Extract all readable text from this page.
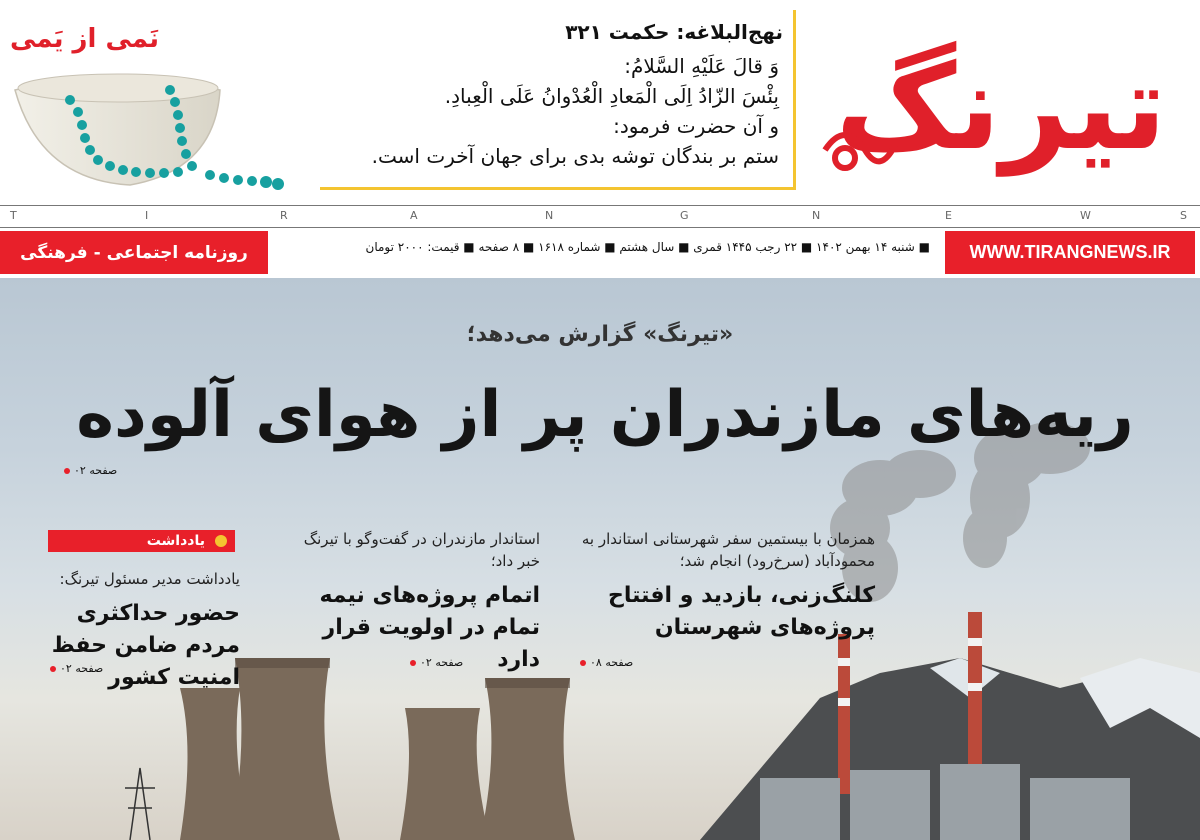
تیرنگ
نهج‌البلاغه: حکمت ۳۲۱
وَ قالَ عَلَیْهِ السَّلامُ:
بِئْسَ الزّادُ اِلَی الْمَعادِ الْعُدْوانُ عَلَی الْعِبادِ.
و آن حضرت فرمود:
ستم بر بندگان توشه بدی برای جهان آخرت است.
نَمی از یَمی
T	I	R	A	N	G	N	E	W	S
WWW.TIRANGNEWS.IR
■ شنبه ۱۴ بهمن ۱۴۰۲ ■ ۲۲ رجب ۱۴۴۵ قمری ■ سال هشتم ■ شماره ۱۶۱۸ ■ ۸ صفحه ■ قیمت: ۲۰۰۰ تومان
روزنامه اجتماعی - فرهنگی
«تیرنگ» گزارش می‌دهد؛
ریه‌های مازندران پر از هوای آلوده
صفحه ۰۲
همزمان با بیستمین سفر شهرستانی استاندار به محمودآباد (سرخ‌رود) انجام شد؛
کلنگ‌زنی، بازدید و افتتاح پروژه‌های شهرستان
صفحه ۰۸
استاندار مازندران در گفت‌وگو با تیرنگ خبر داد؛
اتمام پروژه‌های نیمه تمام در اولویت قرار دارد
صفحه ۰۲
یادداشت
یادداشت مدیر مسئول تیرنگ:
حضور حداکثری مردم ضامن حفظ امنیت کشور
صفحه ۰۲
